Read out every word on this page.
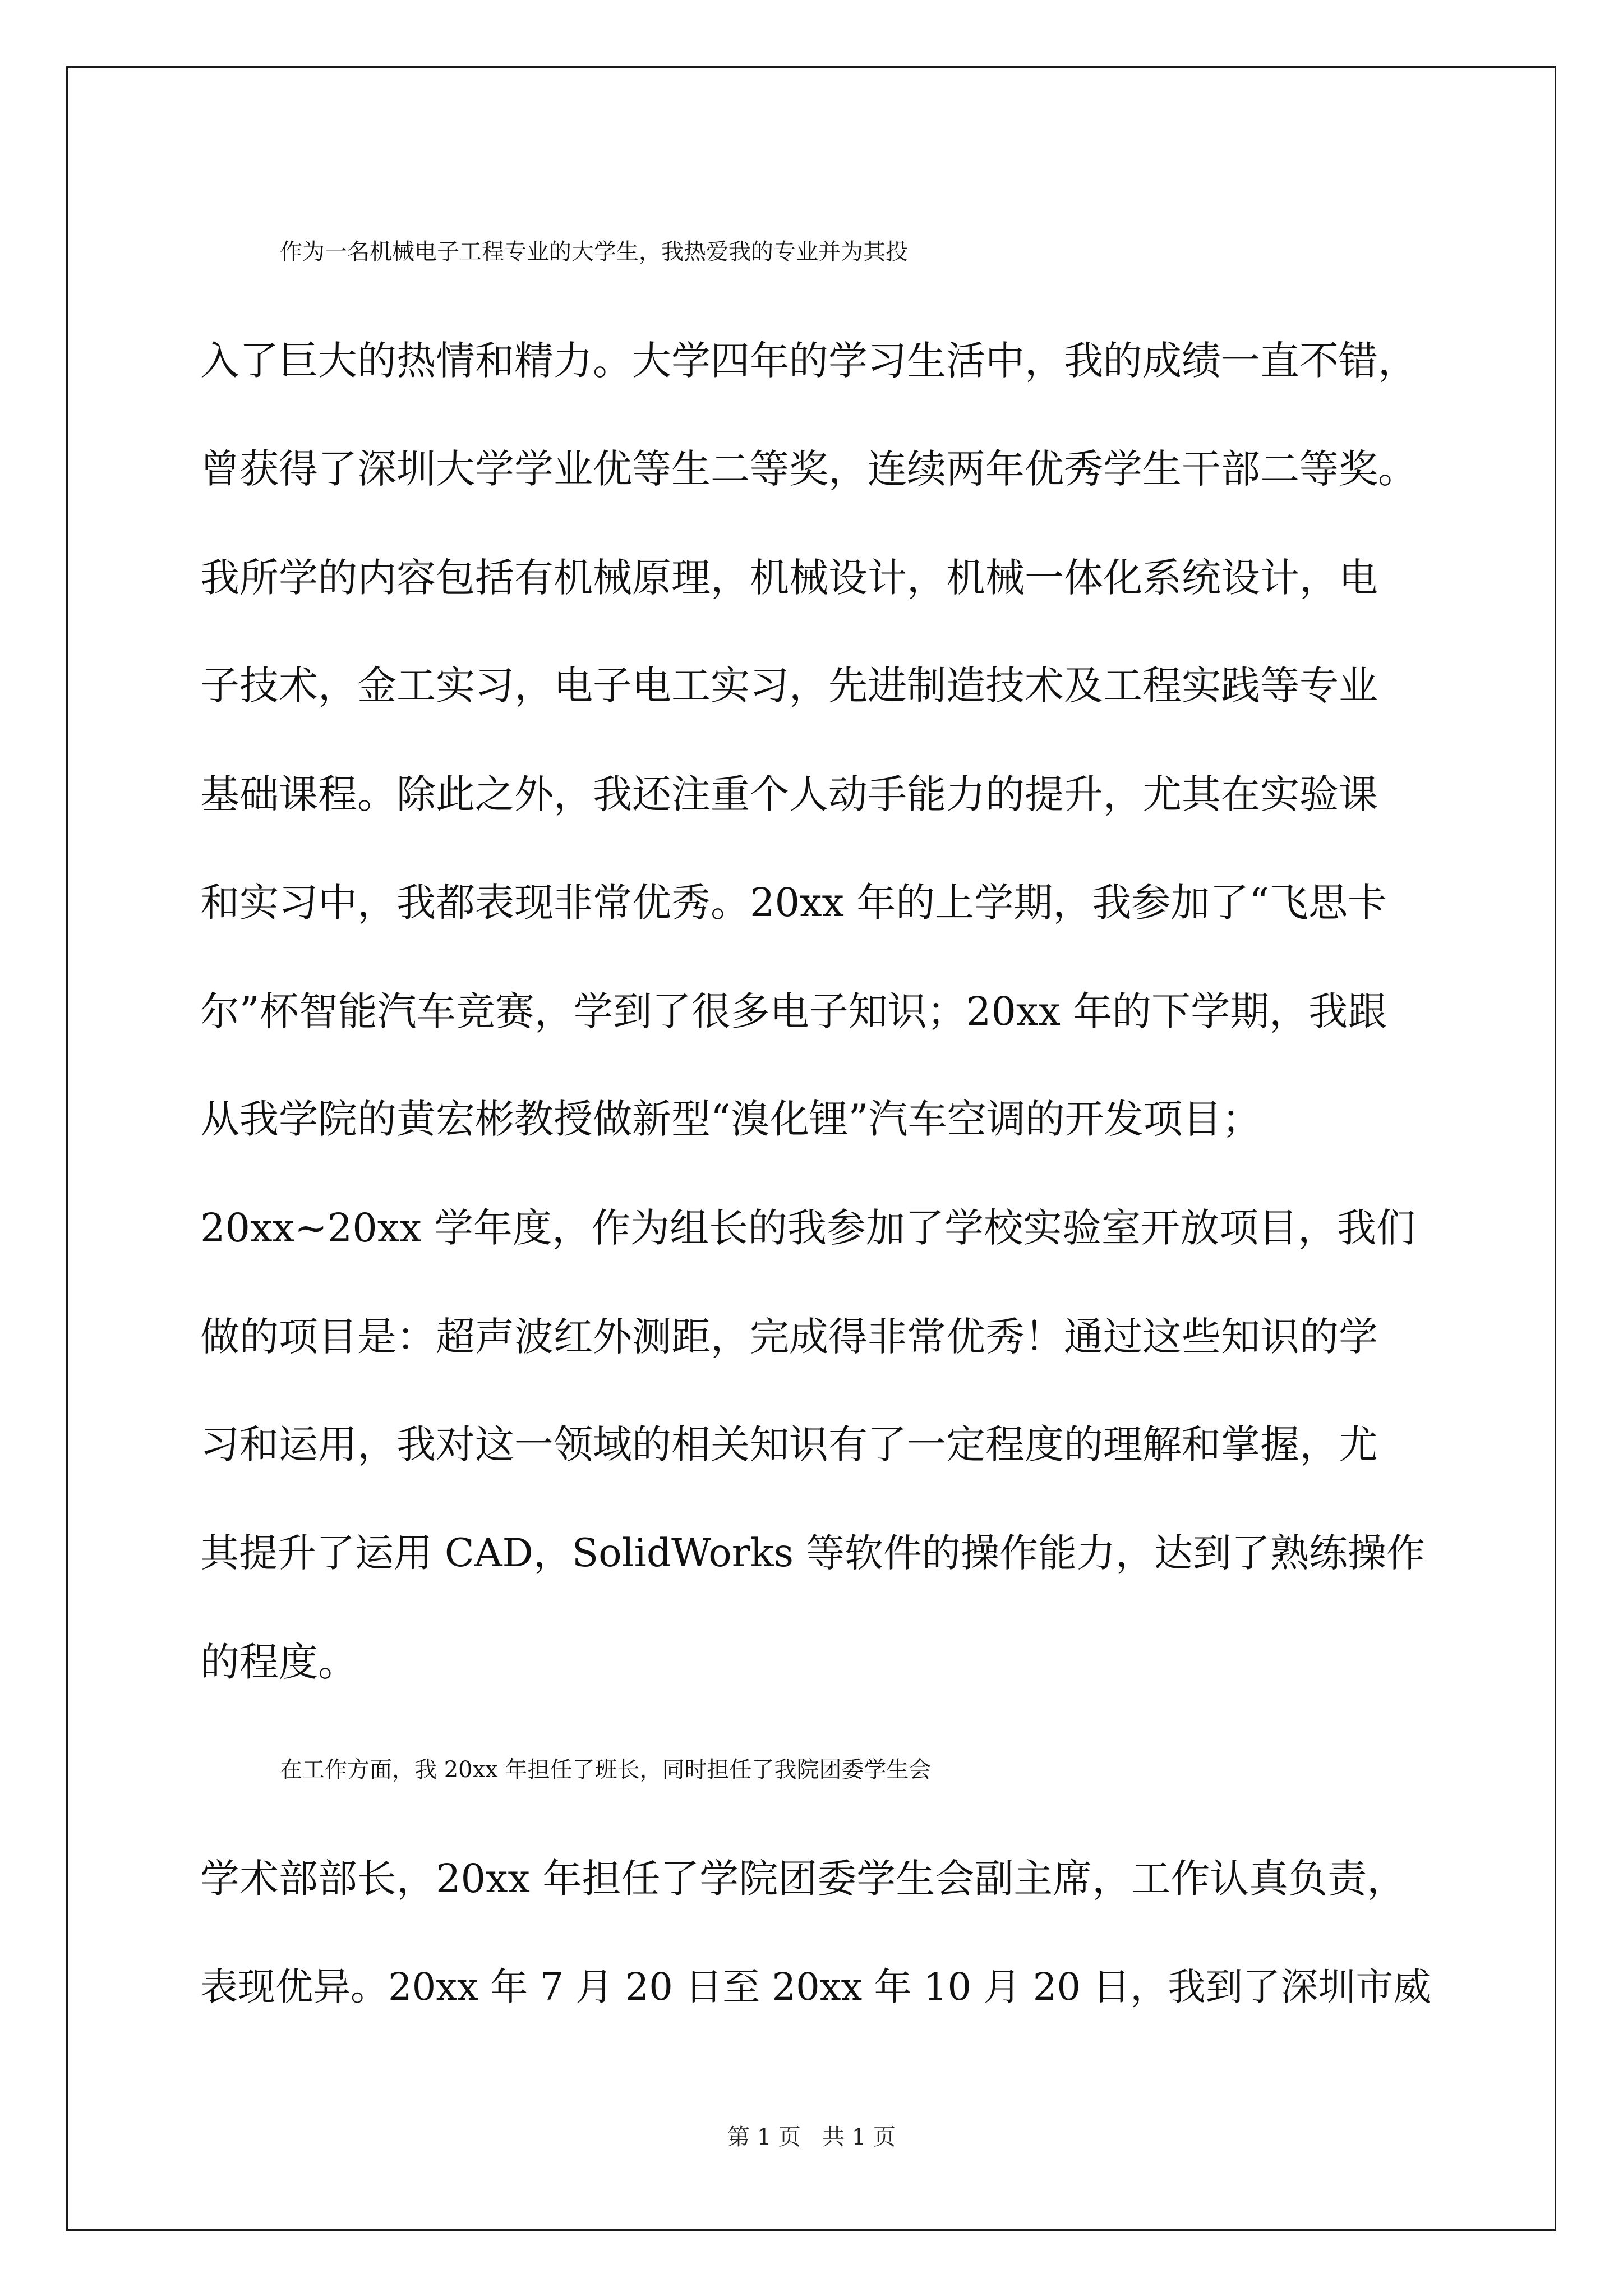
作为一名机械电子工程专业的大学生，我热爱我的专业并为其投
入了巨大的热情和精力。大学四年的学习生活中，我的成绩一直不错，
曾获得了深圳大学学业优等生二等奖，连续两年优秀学生干部二等奖。
我所学的内容包括有机械原理，机械设计，机械一体化系统设计，电
子技术，金工实习，电子电工实习，先进制造技术及工程实践等专业
基础课程。除此之外，我还注重个人动手能力的提升，尤其在实验课
和实习中，我都表现非常优秀。20xx 年的上学期，我参加了“飞思卡
尔”杯智能汽车竞赛，学到了很多电子知识；20xx 年的下学期，我跟
从我学院的黄宏彬教授做新型“溴化锂”汽车空调的开发项目；
20xx~20xx 学年度，作为组长的我参加了学校实验室开放项目，我们
做的项目是：超声波红外测距，完成得非常优秀！通过这些知识的学
习和运用，我对这一领域的相关知识有了一定程度的理解和掌握，尤
其提升了运用 CAD，SolidWorks 等软件的操作能力，达到了熟练操作
的程度。
在工作方面，我 20xx 年担任了班长，同时担任了我院团委学生会
学术部部长，20xx 年担任了学院团委学生会副主席，工作认真负责，
表现优异。20xx 年 7 月 20 日至 20xx 年 10 月 20 日，我到了深圳市威
第 1 页   共 1 页
